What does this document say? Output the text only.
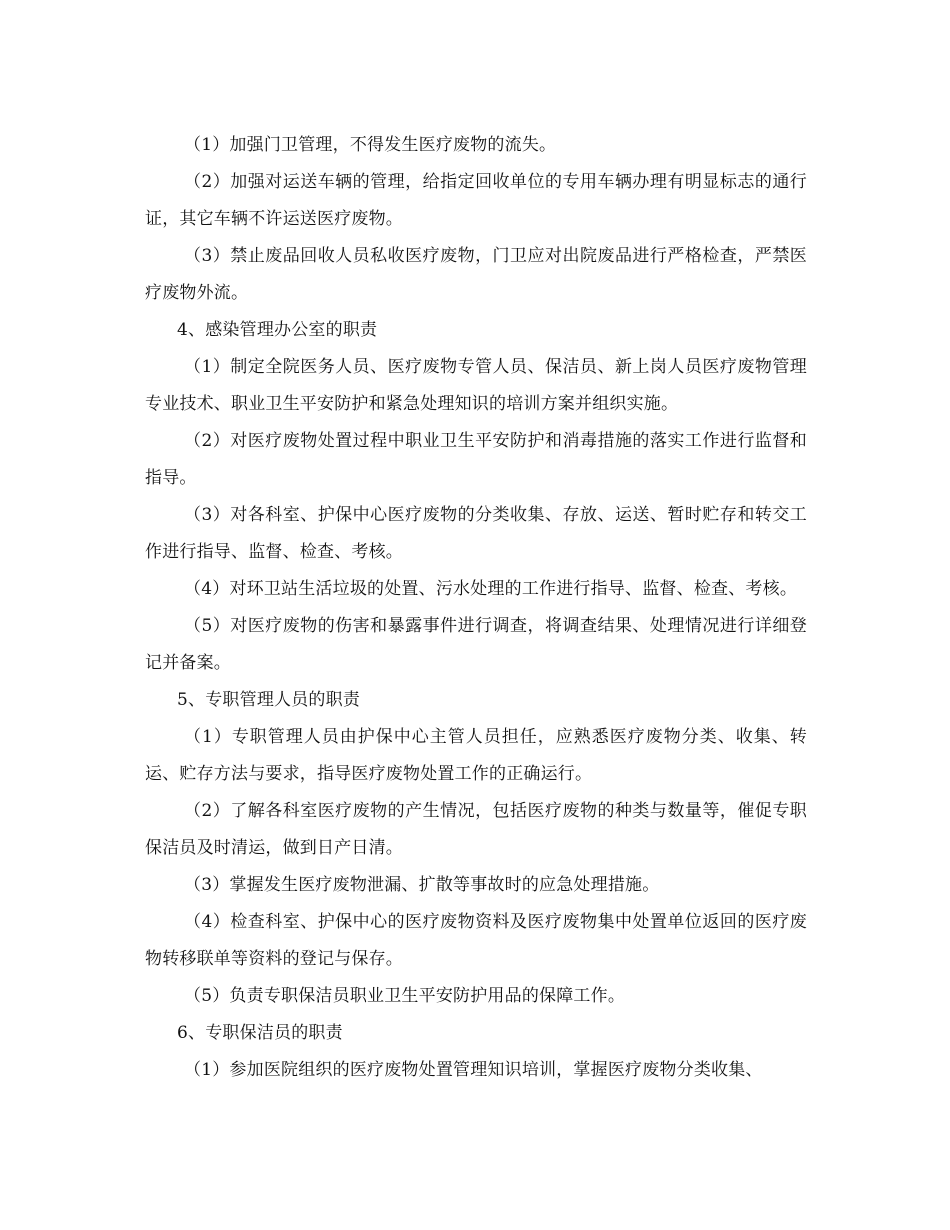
（1）加强门卫管理，不得发生医疗废物的流失。

（2）加强对运送车辆的管理，给指定回收单位的专用车辆办理有明显标志的通行证，其它车辆不许运送医疗废物。

（3）禁止废品回收人员私收医疗废物，门卫应对出院废品进行严格检查，严禁医疗废物外流。

4、感染管理办公室的职责

（1）制定全院医务人员、医疗废物专管人员、保洁员、新上岗人员医疗废物管理专业技术、职业卫生平安防护和紧急处理知识的培训方案并组织实施。

（2）对医疗废物处置过程中职业卫生平安防护和消毒措施的落实工作进行监督和指导。

（3）对各科室、护保中心医疗废物的分类收集、存放、运送、暂时贮存和转交工作进行指导、监督、检查、考核。

（4）对环卫站生活垃圾的处置、污水处理的工作进行指导、监督、检查、考核。

（5）对医疗废物的伤害和暴露事件进行调查，将调查结果、处理情况进行详细登记并备案。

5、专职管理人员的职责

（1）专职管理人员由护保中心主管人员担任，应熟悉医疗废物分类、收集、转运、贮存方法与要求，指导医疗废物处置工作的正确运行。

（2）了解各科室医疗废物的产生情况，包括医疗废物的种类与数量等，催促专职保洁员及时清运，做到日产日清。

（3）掌握发生医疗废物泄漏、扩散等事故时的应急处理措施。

（4）检查科室、护保中心的医疗废物资料及医疗废物集中处置单位返回的医疗废物转移联单等资料的登记与保存。

（5）负责专职保洁员职业卫生平安防护用品的保障工作。

6、专职保洁员的职责

（1）参加医院组织的医疗废物处置管理知识培训，掌握医疗废物分类收集、
